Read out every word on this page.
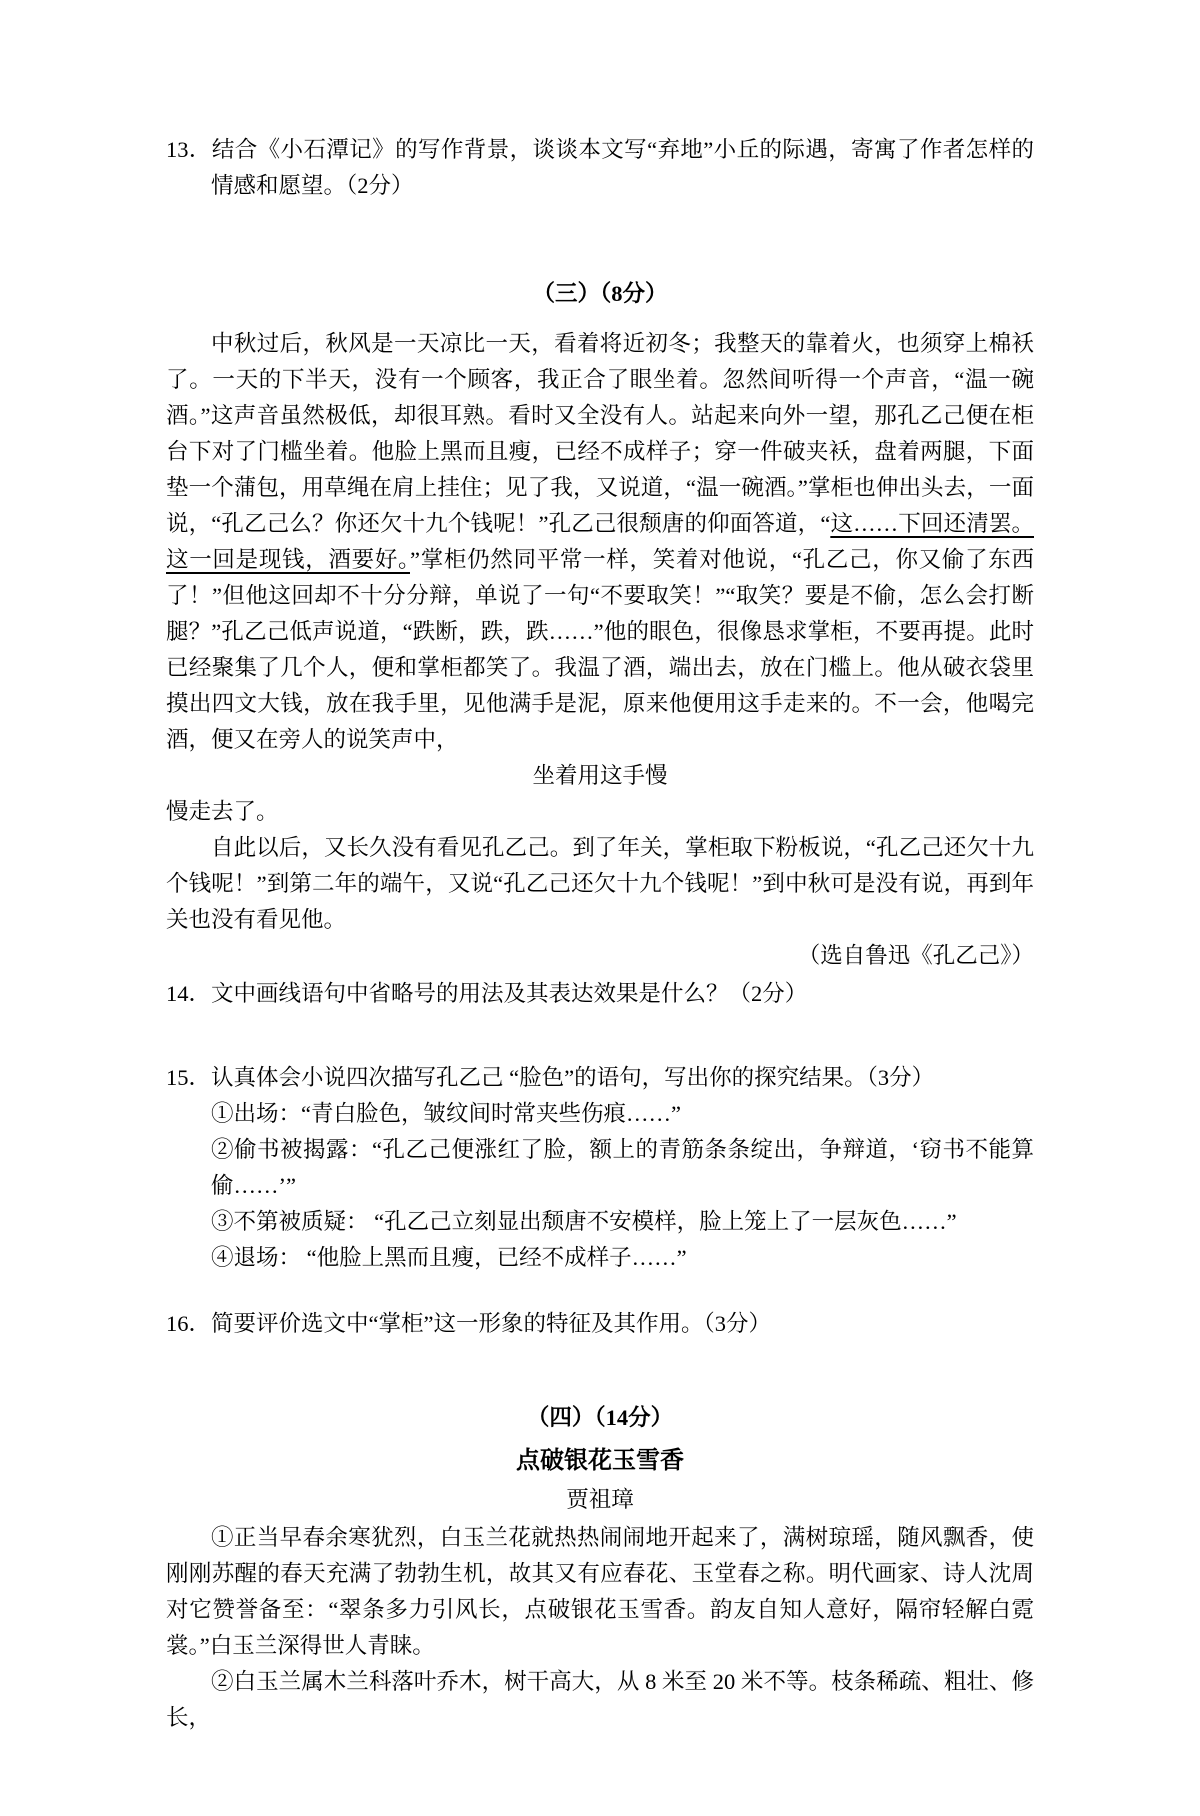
13．结合《小石潭记》的写作背景，谈谈本文写“弃地”小丘的际遇，寄寓了作者怎样的情感和愿望。（2分）

（三）（8分）

中秋过后，秋风是一天凉比一天，看着将近初冬；我整天的靠着火，也须穿上棉袄了。一天的下半天，没有一个顾客，我正合了眼坐着。忽然间听得一个声音，“温一碗酒。”这声音虽然极低，却很耳熟。看时又全没有人。站起来向外一望，那孔乙己便在柜台下对了门槛坐着。他脸上黑而且瘦，已经不成样子；穿一件破夹袄，盘着两腿，下面垫一个蒲包，用草绳在肩上挂住；见了我，又说道，“温一碗酒。”掌柜也伸出头去，一面说，“孔乙己么？你还欠十九个钱呢！”孔乙己很颓唐的仰面答道，“这……下回还清罢。这一回是现钱，酒要好。”掌柜仍然同平常一样，笑着对他说，“孔乙己，你又偷了东西了！”但他这回却不十分分辩，单说了一句“不要取笑！”“取笑？要是不偷，怎么会打断腿？”孔乙己低声说道，“跌断，跌，跌……”他的眼色，很像恳求掌柜，不要再提。此时已经聚集了几个人，便和掌柜都笑了。我温了酒，端出去，放在门槛上。他从破衣袋里摸出四文大钱，放在我手里，见他满手是泥，原来他便用这手走来的。不一会，他喝完酒，便又在旁人的说笑声中，

坐着用这手慢
慢走去了。

自此以后，又长久没有看见孔乙己。到了年关，掌柜取下粉板说，“孔乙己还欠十九个钱呢！”到第二年的端午，又说“孔乙己还欠十九个钱呢！”到中秋可是没有说，再到年关也没有看见他。

（选自鲁迅《孔乙己》）

14．文中画线语句中省略号的用法及其表达效果是什么？（2分）

15．认真体会小说四次描写孔乙己 “脸色”的语句，写出你的探究结果。（3分）

①出场：“青白脸色，皱纹间时常夹些伤痕……”
②偷书被揭露：“孔乙己便涨红了脸，额上的青筋条条绽出，争辩道，‘窃书不能算偷……’”
③不第被质疑： “孔乙己立刻显出颓唐不安模样，脸上笼上了一层灰色……”
④退场： “他脸上黑而且瘦，已经不成样子……”

16．简要评价选文中“掌柜”这一形象的特征及其作用。（3分）

（四）（14分）
点破银花玉雪香
贾祖璋

①正当早春余寒犹烈，白玉兰花就热热闹闹地开起来了，满树琼瑶，随风飘香，使刚刚苏醒的春天充满了勃勃生机，故其又有应春花、玉堂春之称。明代画家、诗人沈周对它赞誉备至：“翠条多力引风长，点破银花玉雪香。韵友自知人意好，隔帘轻解白霓裳。”白玉兰深得世人青睐。

②白玉兰属木兰科落叶乔木，树干高大，从 8 米至 20 米不等。枝条稀疏、粗壮、修长，
